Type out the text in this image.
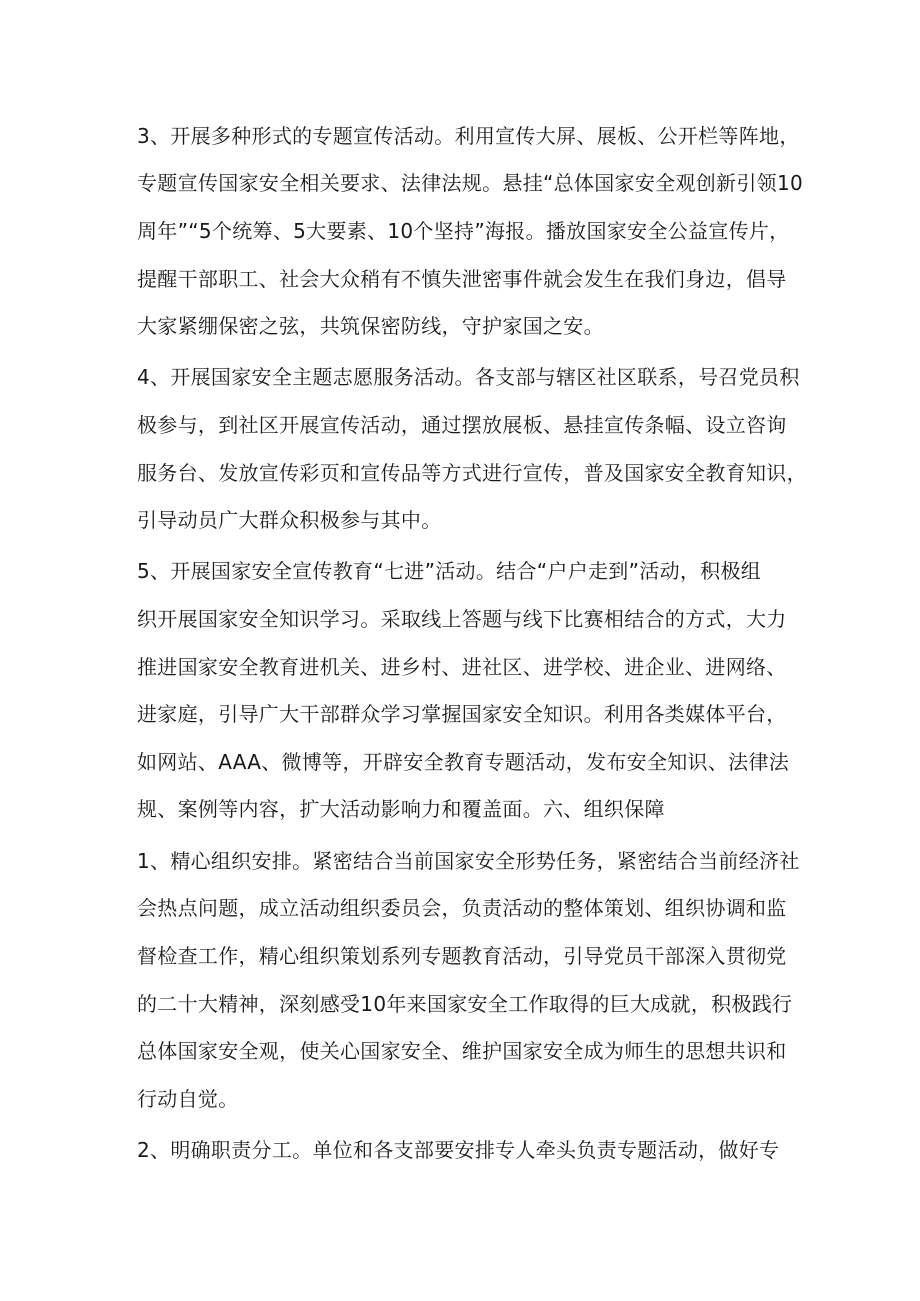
3、开展多种形式的专题宣传活动。利用宣传大屏、展板、公开栏等阵地，

专题宣传国家安全相关要求、法律法规。悬挂“总体国家安全观创新引领10

周年”“5个统筹、5大要素、10个坚持”海报。播放国家安全公益宣传片，

提醒干部职工、社会大众稍有不慎失泄密事件就会发生在我们身边，倡导

大家紧绷保密之弦，共筑保密防线，守护家国之安。

4、开展国家安全主题志愿服务活动。各支部与辖区社区联系，号召党员积

极参与，到社区开展宣传活动，通过摆放展板、悬挂宣传条幅、设立咨询

服务台、发放宣传彩页和宣传品等方式进行宣传，普及国家安全教育知识，

引导动员广大群众积极参与其中。

5、开展国家安全宣传教育“七进”活动。结合“户户走到”活动，积极组

织开展国家安全知识学习。采取线上答题与线下比赛相结合的方式，大力

推进国家安全教育进机关、进乡村、进社区、进学校、进企业、进网络、

进家庭，引导广大干部群众学习掌握国家安全知识。利用各类媒体平台，

如网站、AAA、微博等，开辟安全教育专题活动，发布安全知识、法律法

规、案例等内容，扩大活动影响力和覆盖面。六、组织保障

1、精心组织安排。紧密结合当前国家安全形势任务，紧密结合当前经济社

会热点问题，成立活动组织委员会，负责活动的整体策划、组织协调和监

督检查工作，精心组织策划系列专题教育活动，引导党员干部深入贯彻党

的二十大精神，深刻感受10年来国家安全工作取得的巨大成就，积极践行

总体国家安全观，使关心国家安全、维护国家安全成为师生的思想共识和

行动自觉。

2、明确职责分工。单位和各支部要安排专人牵头负责专题活动，做好专
